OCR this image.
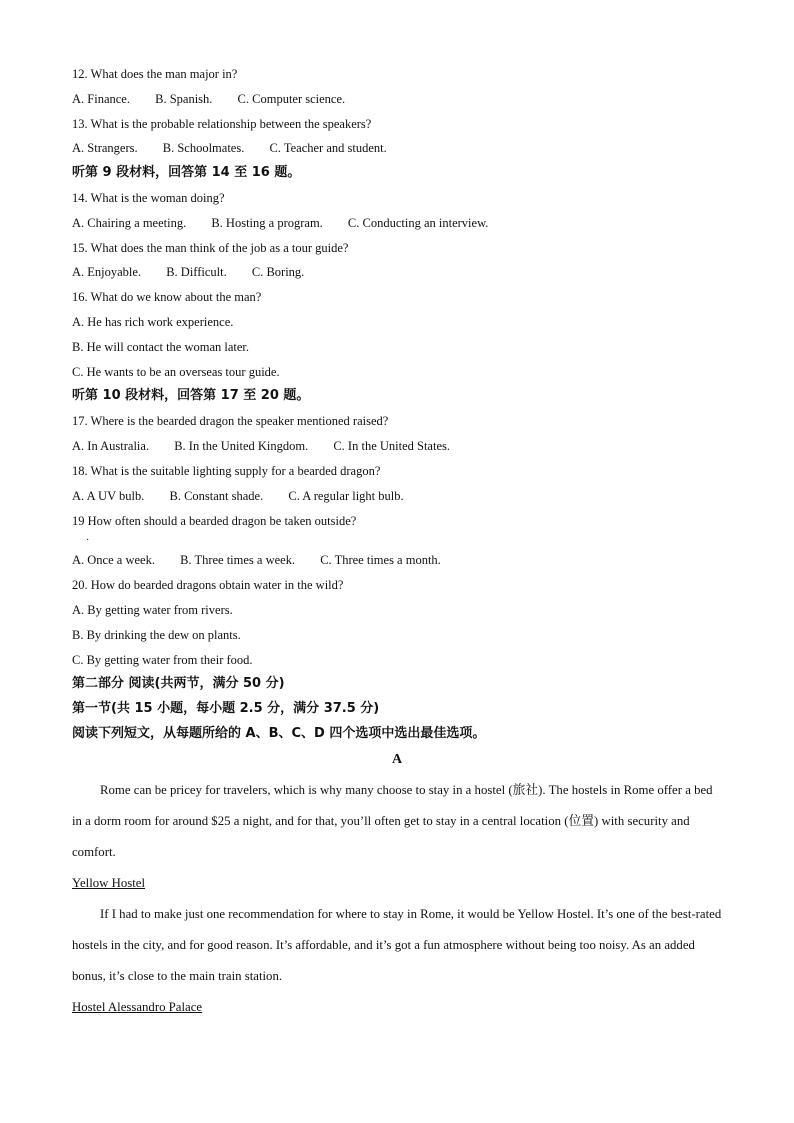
12. What does the man major in?
A. Finance. B. Spanish. C. Computer science.
13. What is the probable relationship between the speakers?
A. Strangers. B. Schoolmates. C. Teacher and student.
听第 9 段材料，回答第 14 至 16 题。
14. What is the woman doing?
A. Chairing a meeting. B. Hosting a program. C. Conducting an interview.
15. What does the man think of the job as a tour guide?
A. Enjoyable. B. Difficult. C. Boring.
16. What do we know about the man?
A. He has rich work experience.
B. He will contact the woman later.
C. He wants to be an overseas tour guide.
听第 10 段材料，回答第 17 至 20 题。
17. Where is the bearded dragon the speaker mentioned raised?
A. In Australia. B. In the United Kingdom. C. In the United States.
18. What is the suitable lighting supply for a bearded dragon?
A. A UV bulb. B. Constant shade. C. A regular light bulb.
19 How often should a bearded dragon be taken outside?
·
A. Once a week. B. Three times a week. C. Three times a month.
20. How do bearded dragons obtain water in the wild?
A. By getting water from rivers.
B. By drinking the dew on plants.
C. By getting water from their food.
第二部分 阅读(共两节，满分 50 分)
第一节(共 15 小题，每小题 2.5 分，满分 37.5 分)
阅读下列短文，从每题所给的 A、B、C、D 四个选项中选出最佳选项。
A

Rome can be pricey for travelers, which is why many choose to stay in a hostel (旅社). The hostels in Rome offer a bed in a dorm room for around $25 a night, and for that, you’ll often get to stay in a central location (位置) with security and comfort.

Yellow Hostel

If I had to make just one recommendation for where to stay in Rome, it would be Yellow Hostel. It’s one of the best-rated hostels in the city, and for good reason. It’s affordable, and it’s got a fun atmosphere without being too noisy. As an added bonus, it’s close to the main train station.

Hostel Alessandro Palace
